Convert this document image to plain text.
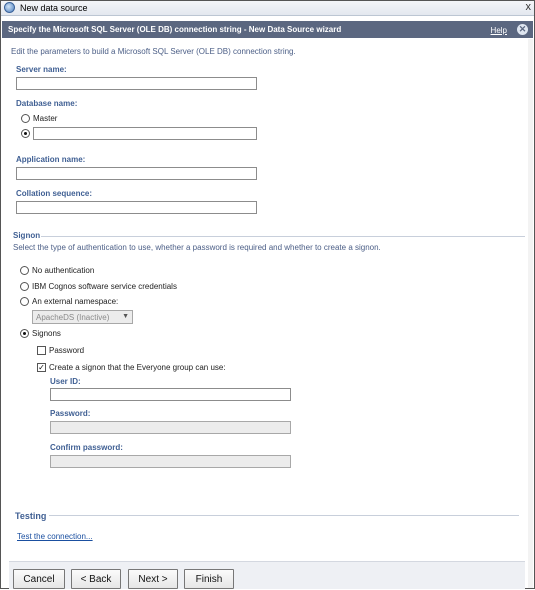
New data source	x
Specify the Microsoft SQL Server (OLE DB) connection string - New Data Source wizard	Help ✕
Edit the parameters to build a Microsoft SQL Server (OLE DB) connection string.
Server name:
Database name:
Master
Application name:
Collation sequence:
Signon
Select the type of authentication to use, whether a password is required and whether to create a signon.
No authentication
IBM Cognos software service credentials
An external namespace:
ApacheDS (Inactive) ▼
Signons
Password
✓ Create a signon that the Everyone group can use:
User ID:
Password:
Confirm password:
Testing
Test the connection...
Cancel	< Back	Next >	Finish
